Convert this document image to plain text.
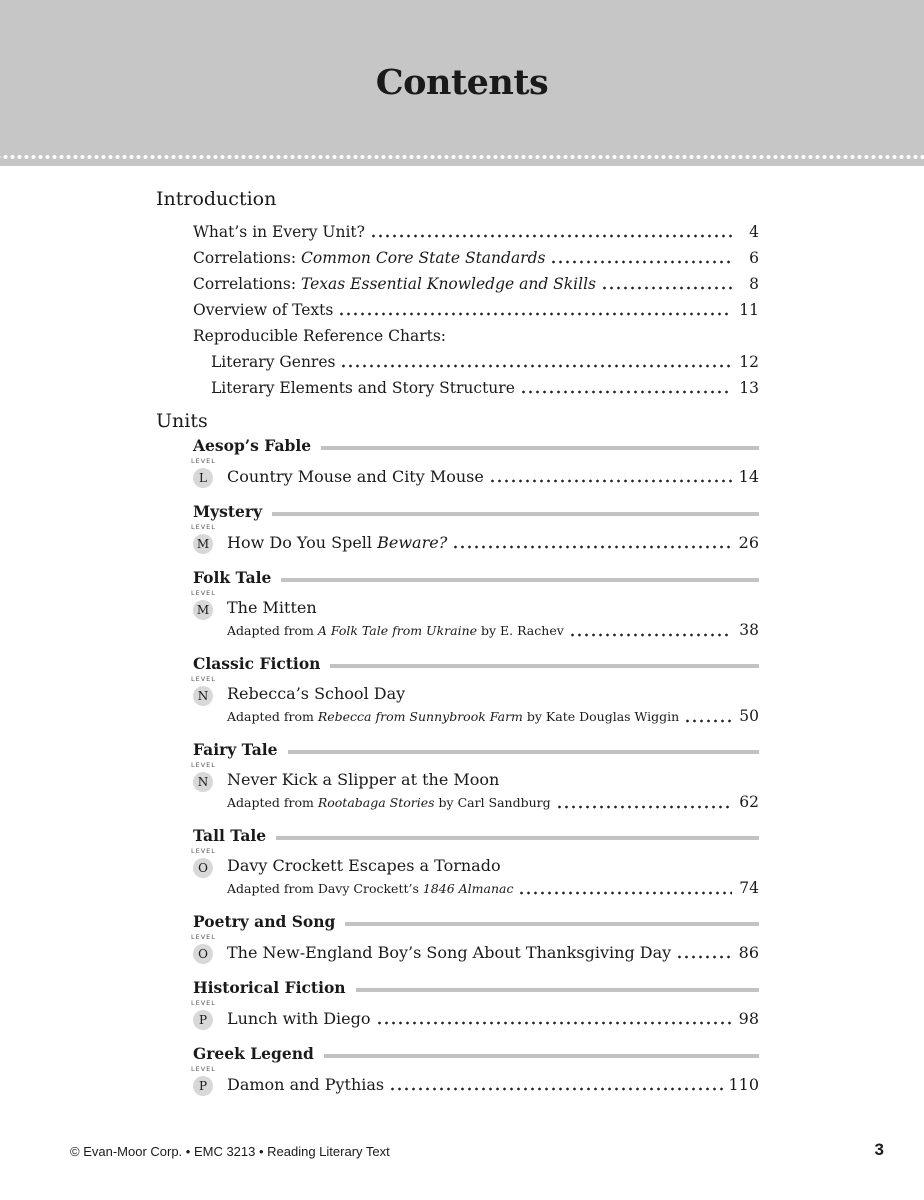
Contents
Introduction
What’s in Every Unit?	4
Correlations: Common Core State Standards	6
Correlations: Texas Essential Knowledge and Skills	8
Overview of Texts	11
Reproducible Reference Charts:
Literary Genres	12
Literary Elements and Story Structure	13
Units
Aesop’s Fable
LEVEL
L	Country Mouse and City Mouse	14
Mystery
LEVEL
M How Do You Spell Beware?	26
Folk Tale
LEVEL
M The Mitten
Adapted from A Folk Tale from Ukraine by E. Rachev	38
Classic Fiction
LEVEL
N Rebecca’s School Day
Adapted from Rebecca from Sunnybrook Farm by Kate Douglas Wiggin	50
Fairy Tale
LEVEL
N Never Kick a Slipper at the Moon
Adapted from Rootabaga Stories by Carl Sandburg	62
Tall Tale
LEVEL
O	Davy Crockett Escapes a Tornado
Adapted from Davy Crockett’s 1846 Almanac	74
Poetry and Song
LEVEL
O	The New-England Boy’s Song About Thanksgiving Day	86
Historical Fiction
LEVEL
P	Lunch with Diego	98
Greek Legend
LEVEL
P	Damon and Pythias	110
© Evan-Moor Corp. • EMC 3213 • Reading Literary Text	3
